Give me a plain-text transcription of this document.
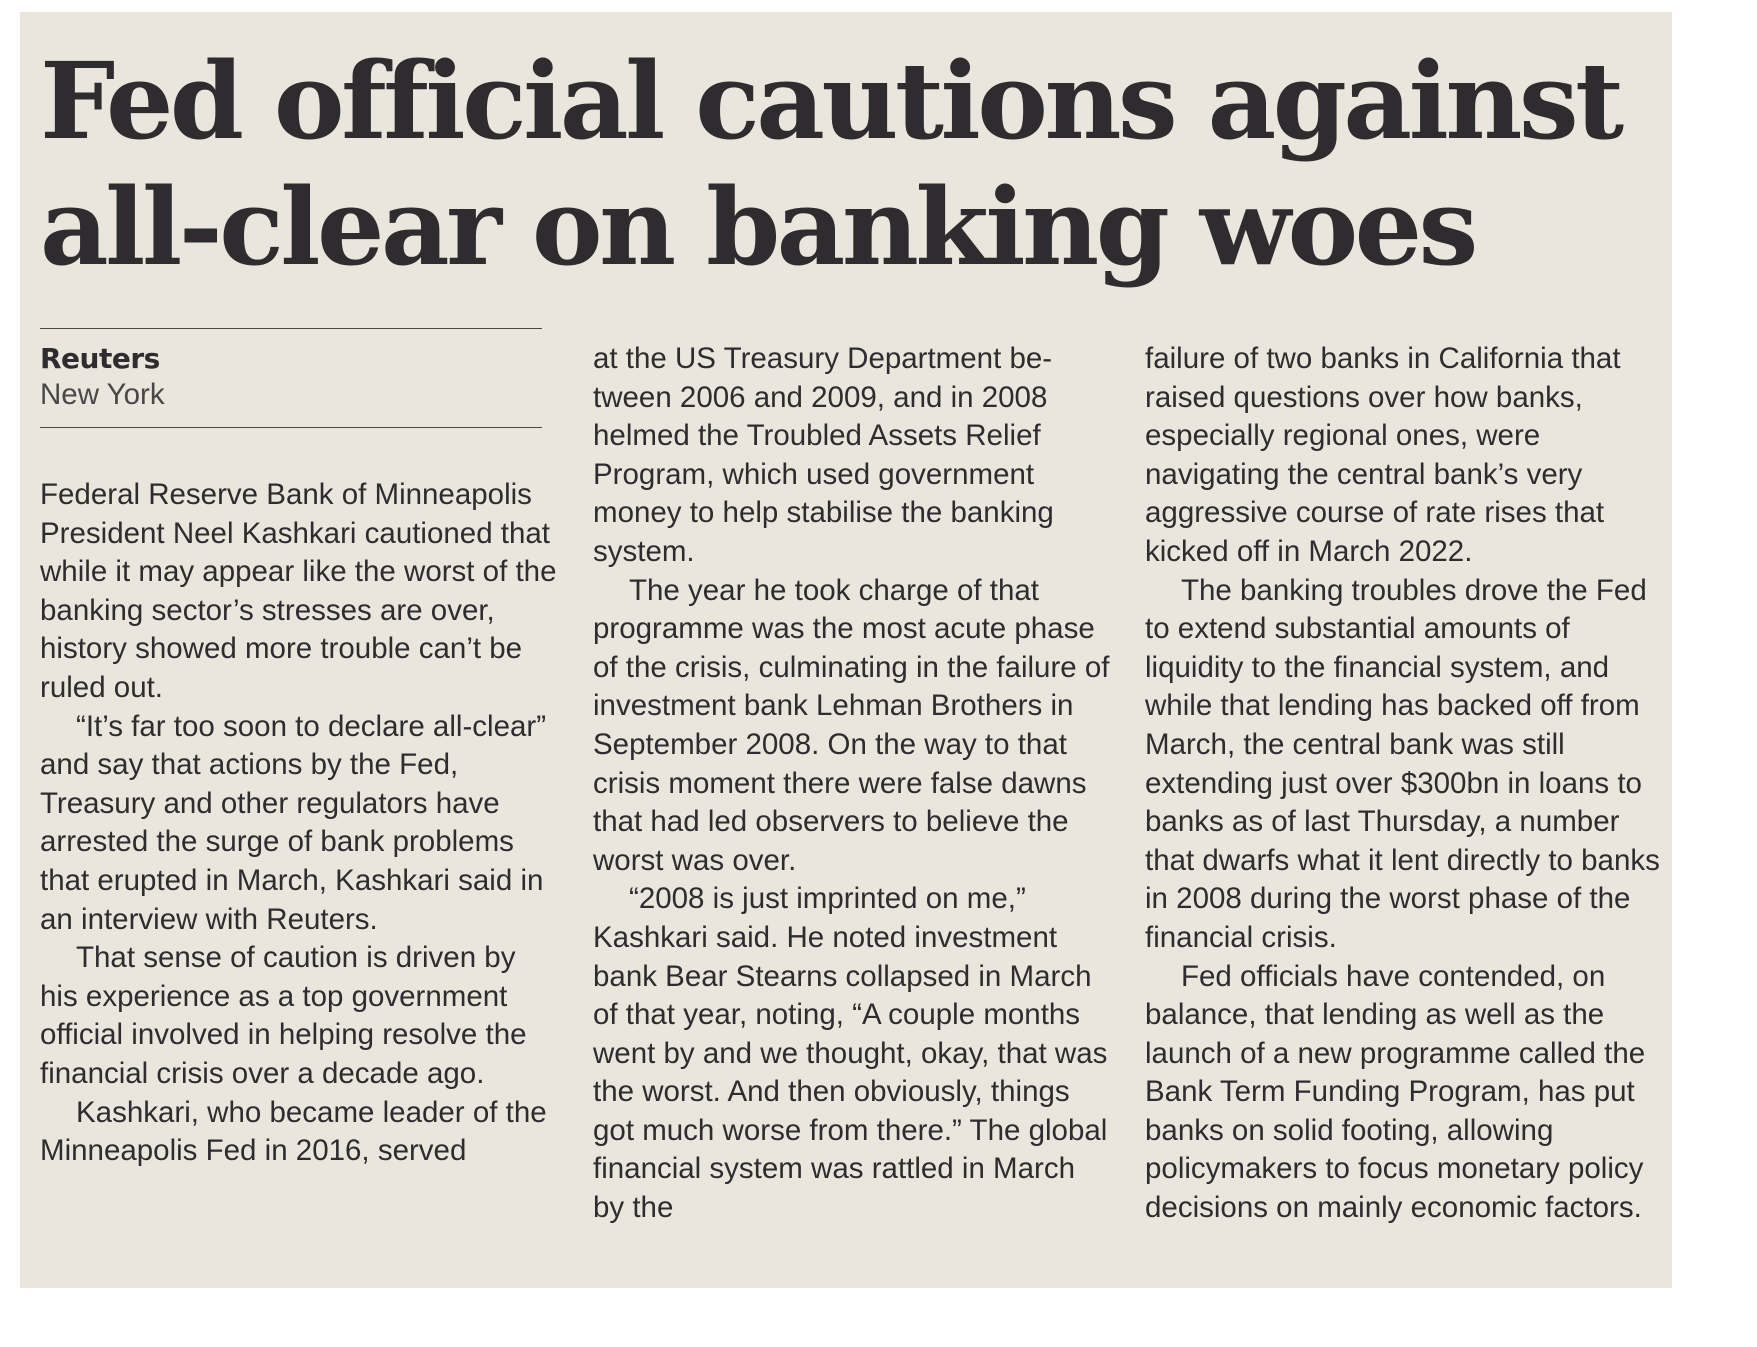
Fed official cautions against all-clear on banking woes
Reuters
New York

Federal Reserve Bank of Minneapolis President Neel Kashkari cautioned that while it may appear like the worst of the banking sector’s stresses are over, history showed more trouble can’t be ruled out.

“It’s far too soon to declare all-clear” and say that actions by the Fed, Treasury and other regulators have arrested the surge of bank problems that erupted in March, Kashkari said in an interview with Reuters.

That sense of caution is driven by his experience as a top government official involved in helping resolve the financial crisis over a decade ago.

Kashkari, who became leader of the Minneapolis Fed in 2016, served

at the US Treasury Department between 2006 and 2009, and in 2008 helmed the Troubled Assets Relief Program, which used government money to help stabilise the banking system.

The year he took charge of that programme was the most acute phase of the crisis, culminating in the failure of investment bank Lehman Brothers in September 2008. On the way to that crisis moment there were false dawns that had led observers to believe the worst was over.

“2008 is just imprinted on me,” Kashkari said. He noted investment bank Bear Stearns collapsed in March of that year, noting, “A couple months went by and we thought, okay, that was the worst. And then obviously, things got much worse from there.” The global financial system was rattled in March by the

failure of two banks in California that raised questions over how banks, especially regional ones, were navigating the central bank’s very aggressive course of rate rises that kicked off in March 2022.

The banking troubles drove the Fed to extend substantial amounts of liquidity to the financial system, and while that lending has backed off from March, the central bank was still extending just over $300bn in loans to banks as of last Thursday, a number that dwarfs what it lent directly to banks in 2008 during the worst phase of the financial crisis.

Fed officials have contended, on balance, that lending as well as the launch of a new programme called the Bank Term Funding Program, has put banks on solid footing, allowing policymakers to focus monetary policy decisions on mainly economic factors.
